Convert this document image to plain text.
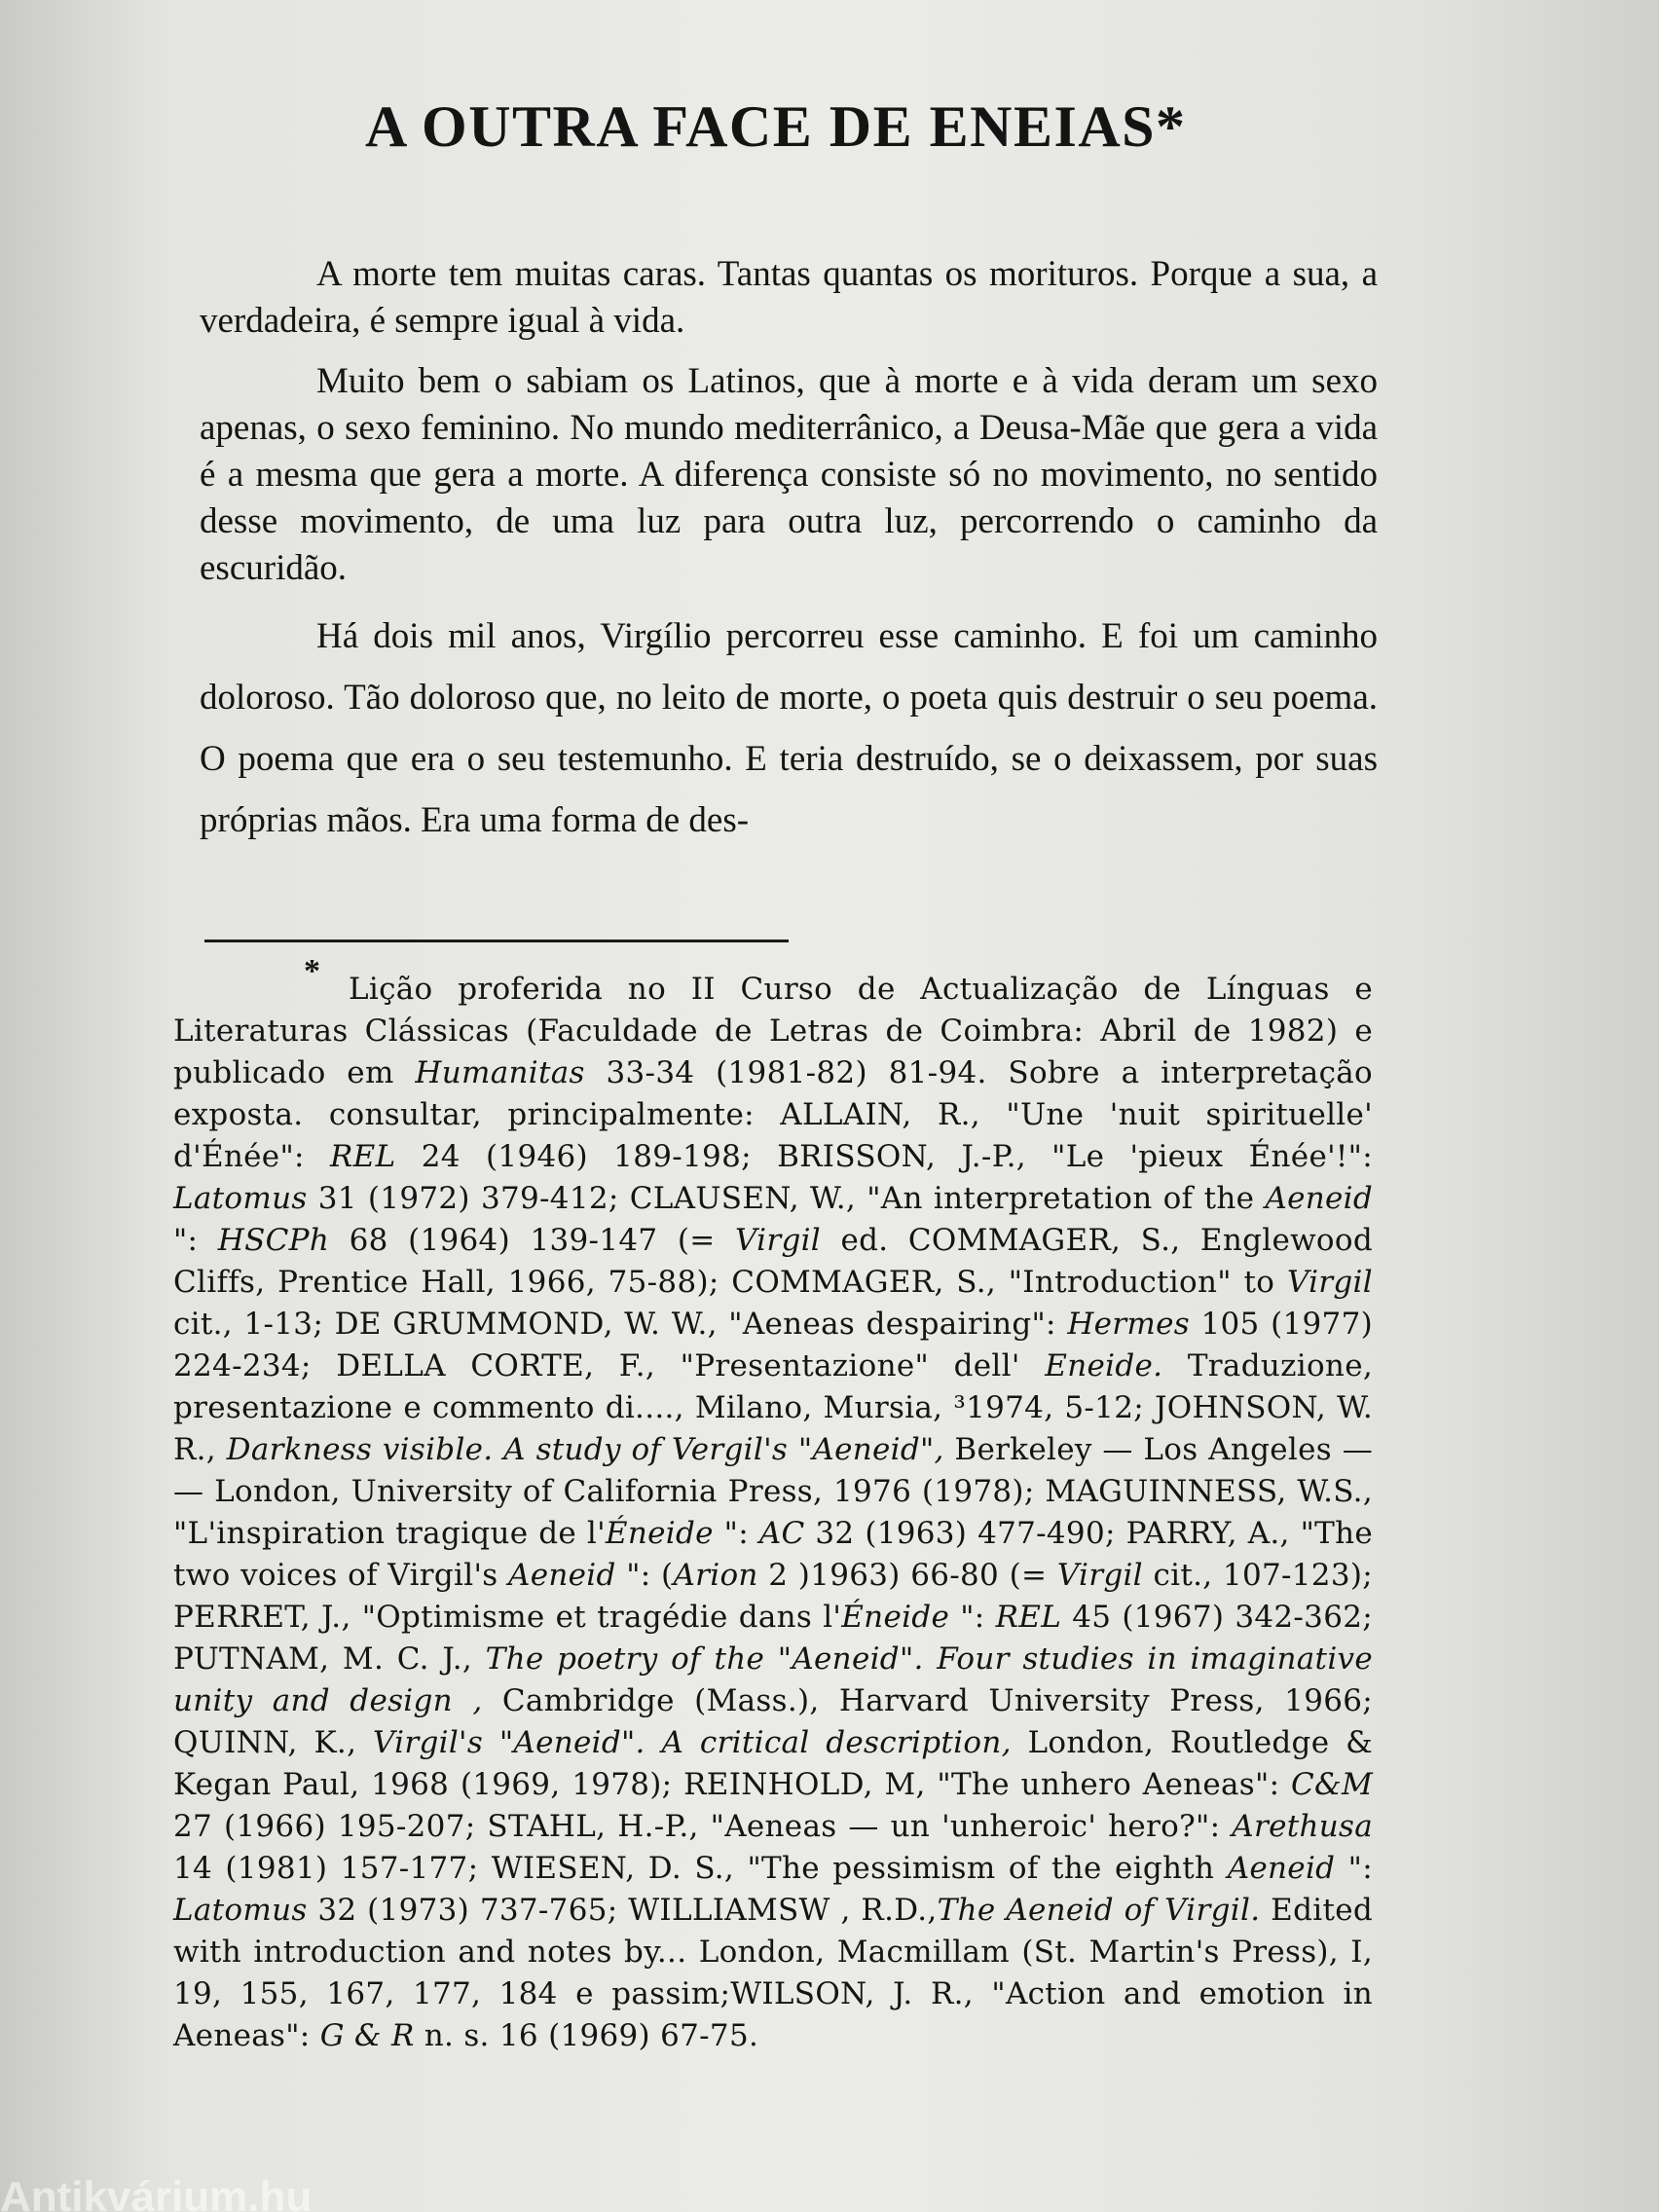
A OUTRA FACE DE ENEIAS*

A morte tem muitas caras. Tantas quantas os morituros. Porque a sua, a verdadeira, é sempre igual à vida.

Muito bem o sabiam os Latinos, que à morte e à vida deram um sexo apenas, o sexo feminino. No mundo mediterrânico, a Deusa-Mãe que gera a vida é a mesma que gera a morte. A diferença consiste só no movimento, no sentido desse movimento, de uma luz para outra luz, percorrendo o caminho da escuridão.

Há dois mil anos, Virgílio percorreu esse caminho. E foi um caminho doloroso. Tão doloroso que, no leito de morte, o poeta quis destruir o seu poema. O poema que era o seu testemunho. E teria destruído, se o deixassem, por suas próprias mãos. Era uma forma de des-

* Lição proferida no II Curso de Actualização de Línguas e Literaturas Clássicas (Faculdade de Letras de Coimbra: Abril de 1982) e publicado em Humanitas 33-34 (1981-82) 81-94. Sobre a interpretação exposta. consultar, principalmente: ALLAIN, R., "Une 'nuit spirituelle' d'Énée": REL 24 (1946) 189-198; BRISSON, J.-P., "Le 'pieux Énée'!": Latomus 31 (1972) 379-412; CLAUSEN, W., "An interpretation of the Aeneid ": HSCPh 68 (1964) 139-147 (= Virgil ed. COMMAGER, S., Englewood Cliffs, Prentice Hall, 1966, 75-88); COMMAGER, S., "Introduction" to Virgil cit., 1-13; DE GRUMMOND, W. W., "Aeneas despairing": Hermes 105 (1977) 224-234; DELLA CORTE, F., "Presentazione" dell' Eneide. Traduzione, presentazione e commento di...., Milano, Mursia, ³1974, 5-12; JOHNSON, W. R., Darkness visible. A study of Vergil's "Aeneid", Berkeley — Los Angeles — — London, University of California Press, 1976 (1978); MAGUINNESS, W.S., "L'inspiration tragique de l'Éneide ": AC 32 (1963) 477-490; PARRY, A., "The two voices of Virgil's Aeneid ": (Arion 2 )1963) 66-80 (= Virgil cit., 107-123); PERRET, J., "Optimisme et tragédie dans l'Éneide ": REL 45 (1967) 342-362; PUTNAM, M. C. J., The poetry of the "Aeneid". Four studies in imaginative unity and design , Cambridge (Mass.), Harvard University Press, 1966; QUINN, K., Virgil's "Aeneid". A critical description, London, Routledge & Kegan Paul, 1968 (1969, 1978); REINHOLD, M, "The unhero Aeneas": C&M 27 (1966) 195-207; STAHL, H.-P., "Aeneas — un 'unheroic' hero?": Arethusa 14 (1981) 157-177; WIESEN, D. S., "The pessimism of the eighth Aeneid ": Latomus 32 (1973) 737-765; WILLIAMSW , R.D.,The Aeneid of Virgil. Edited with introduction and notes by... London, Macmillam (St. Martin's Press), I, 19, 155, 167, 177, 184 e passim;WILSON, J. R., "Action and emotion in Aeneas": G & R n. s. 16 (1969) 67-75.
Antikvárium.hu
